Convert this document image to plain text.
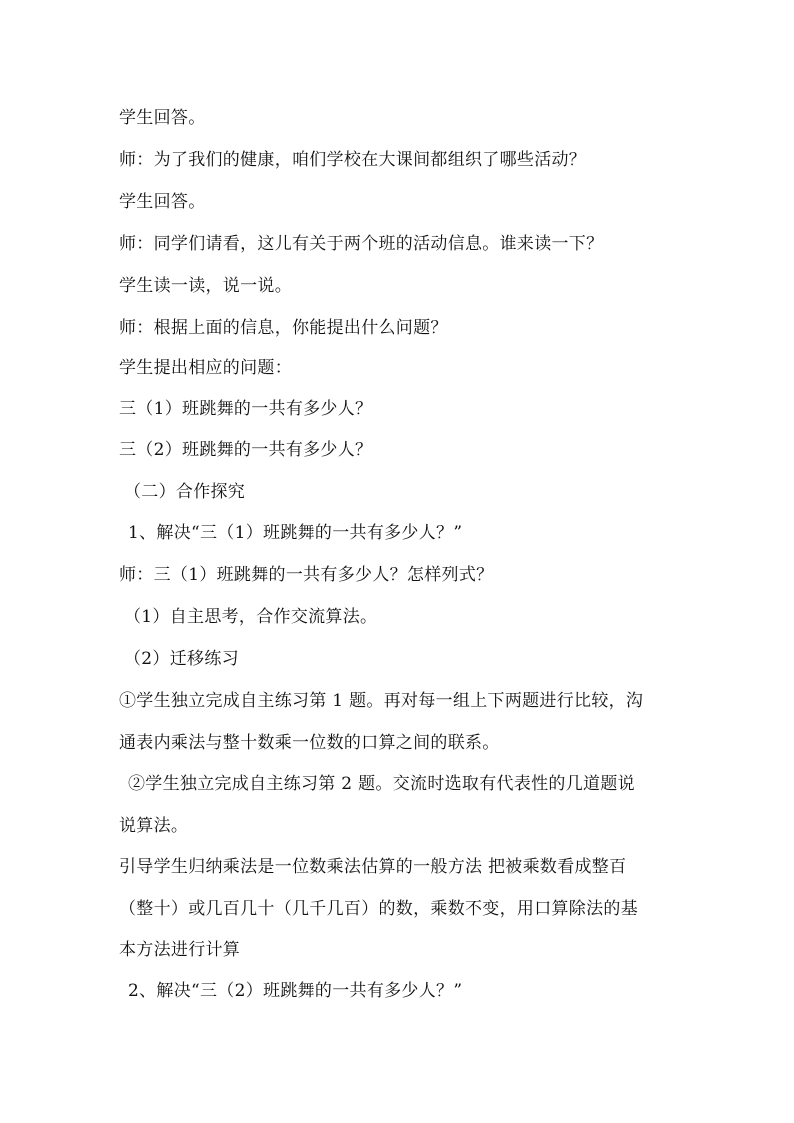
学生回答。
师：为了我们的健康，咱们学校在大课间都组织了哪些活动？
学生回答。
师：同学们请看，这儿有关于两个班的活动信息。谁来读一下？
学生读一读，说一说。
师：根据上面的信息，你能提出什么问题？
学生提出相应的问题：
三（1）班跳舞的一共有多少人？
三（2）班跳舞的一共有多少人？
（二）合作探究
1、解决“三（1）班跳舞的一共有多少人？”
师：三（1）班跳舞的一共有多少人？怎样列式？
（1）自主思考，合作交流算法。
（2）迁移练习
①学生独立完成自主练习第 1 题。再对每一组上下两题进行比较，沟
通表内乘法与整十数乘一位数的口算之间的联系。
②学生独立完成自主练习第 2 题。交流时选取有代表性的几道题说
说算法。
引导学生归纳乘法是一位数乘法估算的一般方法 把被乘数看成整百
（整十）或几百几十（几千几百）的数，乘数不变，用口算除法的基
本方法进行计算
2、解决“三（2）班跳舞的一共有多少人？”
